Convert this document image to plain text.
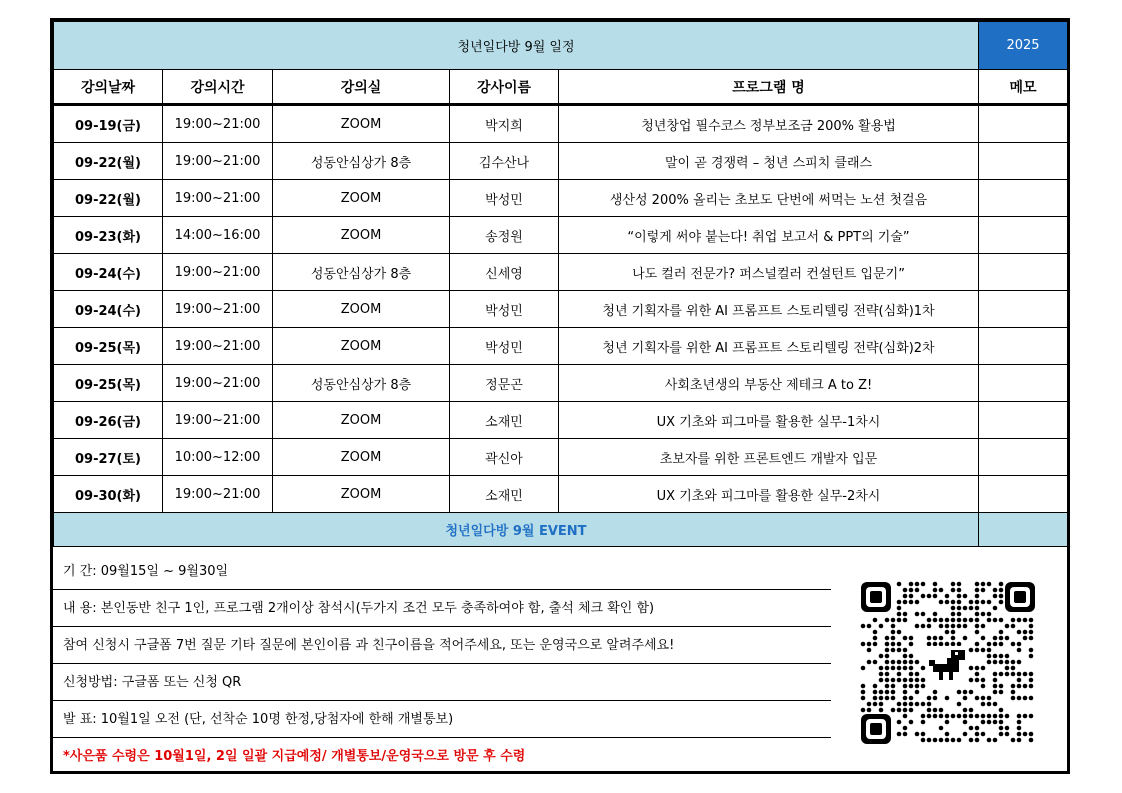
청년일다방 9월 일정					2025
강의날짜	강의시간	강의실	강사이름	프로그램 명	메모
09-19(금)	19:00~21:00	ZOOM	박지희	청년창업 필수코스 정부보조금 200% 활용법	
09-22(월)	19:00~21:00	성동안심상가 8층	김수산나	말이 곧 경쟁력 – 청년 스피치 클래스	
09-22(월)	19:00~21:00	ZOOM	박성민	생산성 200% 올리는 초보도 단번에 써먹는 노션 첫걸음	
09-23(화)	14:00~16:00	ZOOM	송정원	“이렇게 써야 붙는다! 취업 보고서 & PPT의 기술”	
09-24(수)	19:00~21:00	성동안심상가 8층	신세영	나도 컬러 전문가? 퍼스널컬러 컨설턴트 입문기”	
09-24(수)	19:00~21:00	ZOOM	박성민	청년 기획자를 위한 AI 프롬프트 스토리텔링 전략(심화)1차	
09-25(목)	19:00~21:00	ZOOM	박성민	청년 기획자를 위한 AI 프롬프트 스토리텔링 전략(심화)2차	
09-25(목)	19:00~21:00	성동안심상가 8층	정문곤	사회초년생의 부동산 제테크 A to Z!	
09-26(금)	19:00~21:00	ZOOM	소재민	UX 기초와 피그마를 활용한 실무-1차시	
09-27(토)	10:00~12:00	ZOOM	곽신아	초보자를 위한 프론트엔드 개발자 입문	
09-30(화)	19:00~21:00	ZOOM	소재민	UX 기초와 피그마를 활용한 실무-2차시	
청년일다방 9월 EVENT					
기 간: 09월15일 ~ 9월30일
내 용: 본인동반 친구 1인, 프로그램 2개이상 참석시(두가지 조건 모두 충족하여야 함, 출석 체크 확인 함)
참여 신청시 구글폼 7번 질문 기타 질문에 본인이름 과 친구이름을 적어주세요, 또는 운영국으로 알려주세요!
신청방법: 구글폼 또는 신청 QR
발 표: 10월1일 오전 (단, 선착순 10명 한정,당첨자에 한해 개별통보)
*사은품 수령은 10월1일, 2일 일괄 지급예정/ 개별통보/운영국으로 방문 후 수령
